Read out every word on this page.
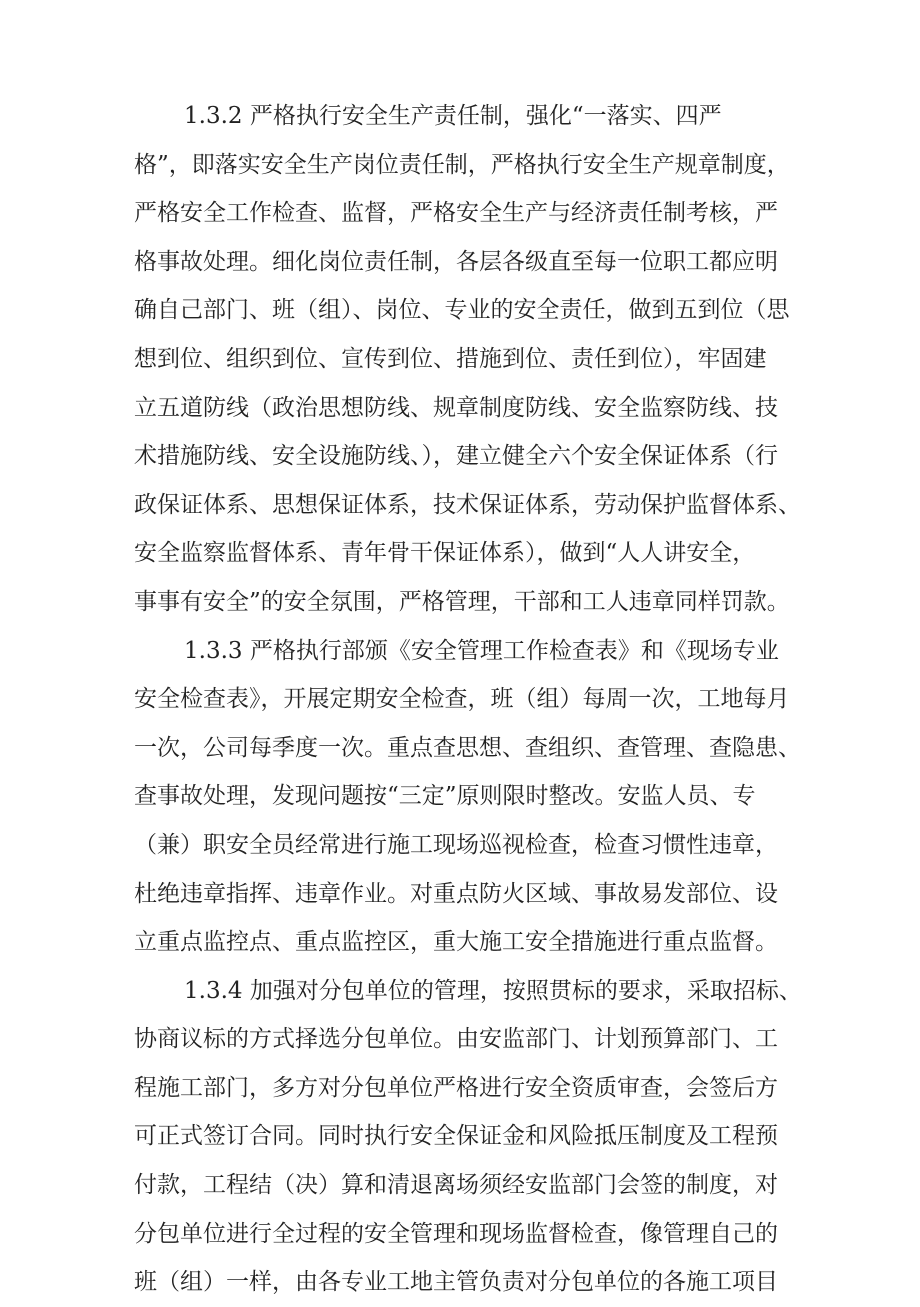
1.3.2 严格执行安全生产责任制，强化“一落实、四严
格”，即落实安全生产岗位责任制，严格执行安全生产规章制度，
严格安全工作检查、监督，严格安全生产与经济责任制考核，严
格事故处理。细化岗位责任制，各层各级直至每一位职工都应明
确自己部门、班（组）、岗位、专业的安全责任，做到五到位（思
想到位、组织到位、宣传到位、措施到位、责任到位），牢固建
立五道防线（政治思想防线、规章制度防线、安全监察防线、技
术措施防线、安全设施防线、），建立健全六个安全保证体系（行
政保证体系、思想保证体系，技术保证体系，劳动保护监督体系、
安全监察监督体系、青年骨干保证体系），做到“人人讲安全，
事事有安全”的安全氛围，严格管理，干部和工人违章同样罚款。
1.3.3 严格执行部颁《安全管理工作检查表》和《现场专业
安全检查表》，开展定期安全检查，班（组）每周一次，工地每月
一次，公司每季度一次。重点查思想、查组织、查管理、查隐患、
查事故处理，发现问题按“三定”原则限时整改。安监人员、专
（兼）职安全员经常进行施工现场巡视检查，检查习惯性违章，
杜绝违章指挥、违章作业。对重点防火区域、事故易发部位、设
立重点监控点、重点监控区，重大施工安全措施进行重点监督。
1.3.4 加强对分包单位的管理，按照贯标的要求，采取招标、
协商议标的方式择选分包单位。由安监部门、计划预算部门、工
程施工部门，多方对分包单位严格进行安全资质审查，会签后方
可正式签订合同。同时执行安全保证金和风险抵压制度及工程预
付款，工程结（决）算和清退离场须经安监部门会签的制度，对
分包单位进行全过程的安全管理和现场监督检查，像管理自己的
班（组）一样，由各专业工地主管负责对分包单位的各施工项目
